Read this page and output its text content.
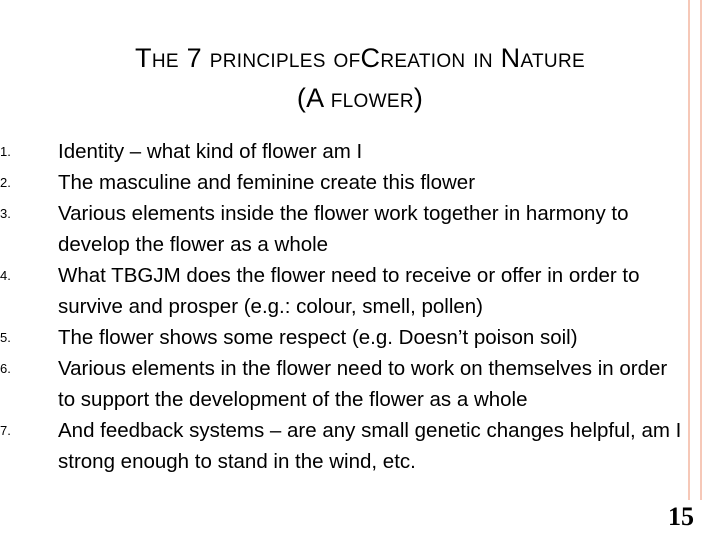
The 7 principles ofCreation in Nature
(A flower)
1. Identity – what kind of flower am I
2. The masculine and feminine create this flower
3. Various elements inside the flower work together in harmony to develop the flower as a whole
4. What TBGJM does the flower need to receive or offer in order to survive and prosper (e.g.: colour, smell, pollen)
5. The flower shows some respect (e.g. Doesn’t poison soil)
6. Various elements in the flower need to work on themselves in order to support the development of the flower as a whole
7. And feedback systems – are any small genetic changes helpful, am I strong enough to stand in the wind, etc.
15
